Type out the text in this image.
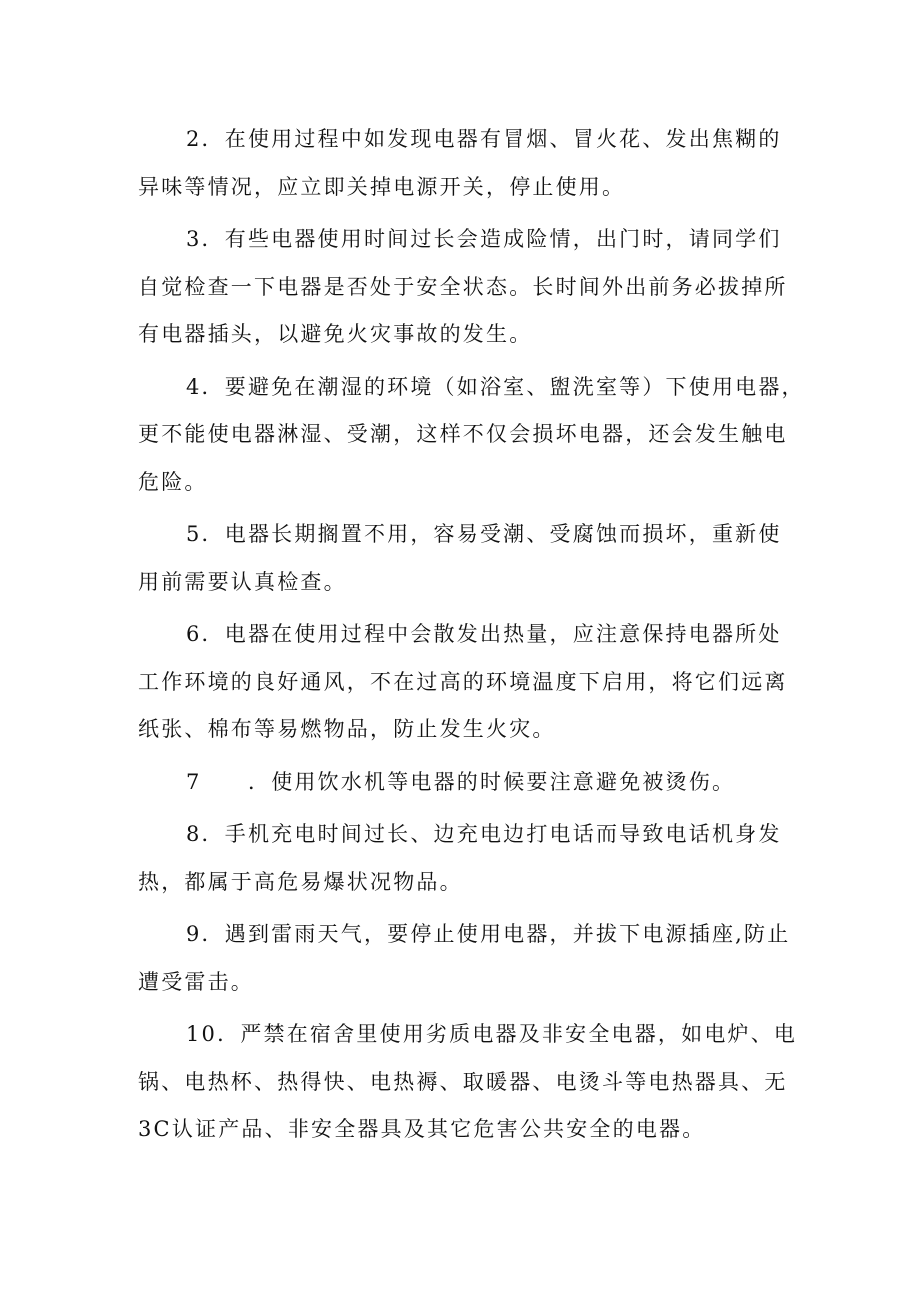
2．在使用过程中如发现电器有冒烟、冒火花、发出焦糊的
异味等情况，应立即关掉电源开关，停止使用。

3．有些电器使用时间过长会造成险情，出门时，请同学们
自觉检查一下电器是否处于安全状态。长时间外出前务必拔掉所
有电器插头，以避免火灾事故的发生。

4．要避免在潮湿的环境（如浴室、盥洗室等）下使用电器，
更不能使电器淋湿、受潮，这样不仅会损坏电器，还会发生触电
危险。

5．电器长期搁置不用，容易受潮、受腐蚀而损坏，重新使
用前需要认真检查。

6．电器在使用过程中会散发出热量，应注意保持电器所处
工作环境的良好通风，不在过高的环境温度下启用，将它们远离
纸张、棉布等易燃物品，防止发生火灾。

7 ．使用饮水机等电器的时候要注意避免被烫伤。

8．手机充电时间过长、边充电边打电话而导致电话机身发
热，都属于高危易爆状况物品。

9．遇到雷雨天气，要停止使用电器，并拔下电源插座,防止
遭受雷击。

10．严禁在宿舍里使用劣质电器及非安全电器，如电炉、电
锅、电热杯、热得快、电热褥、取暖器、电烫斗等电热器具、无
3C认证产品、非安全器具及其它危害公共安全的电器。
